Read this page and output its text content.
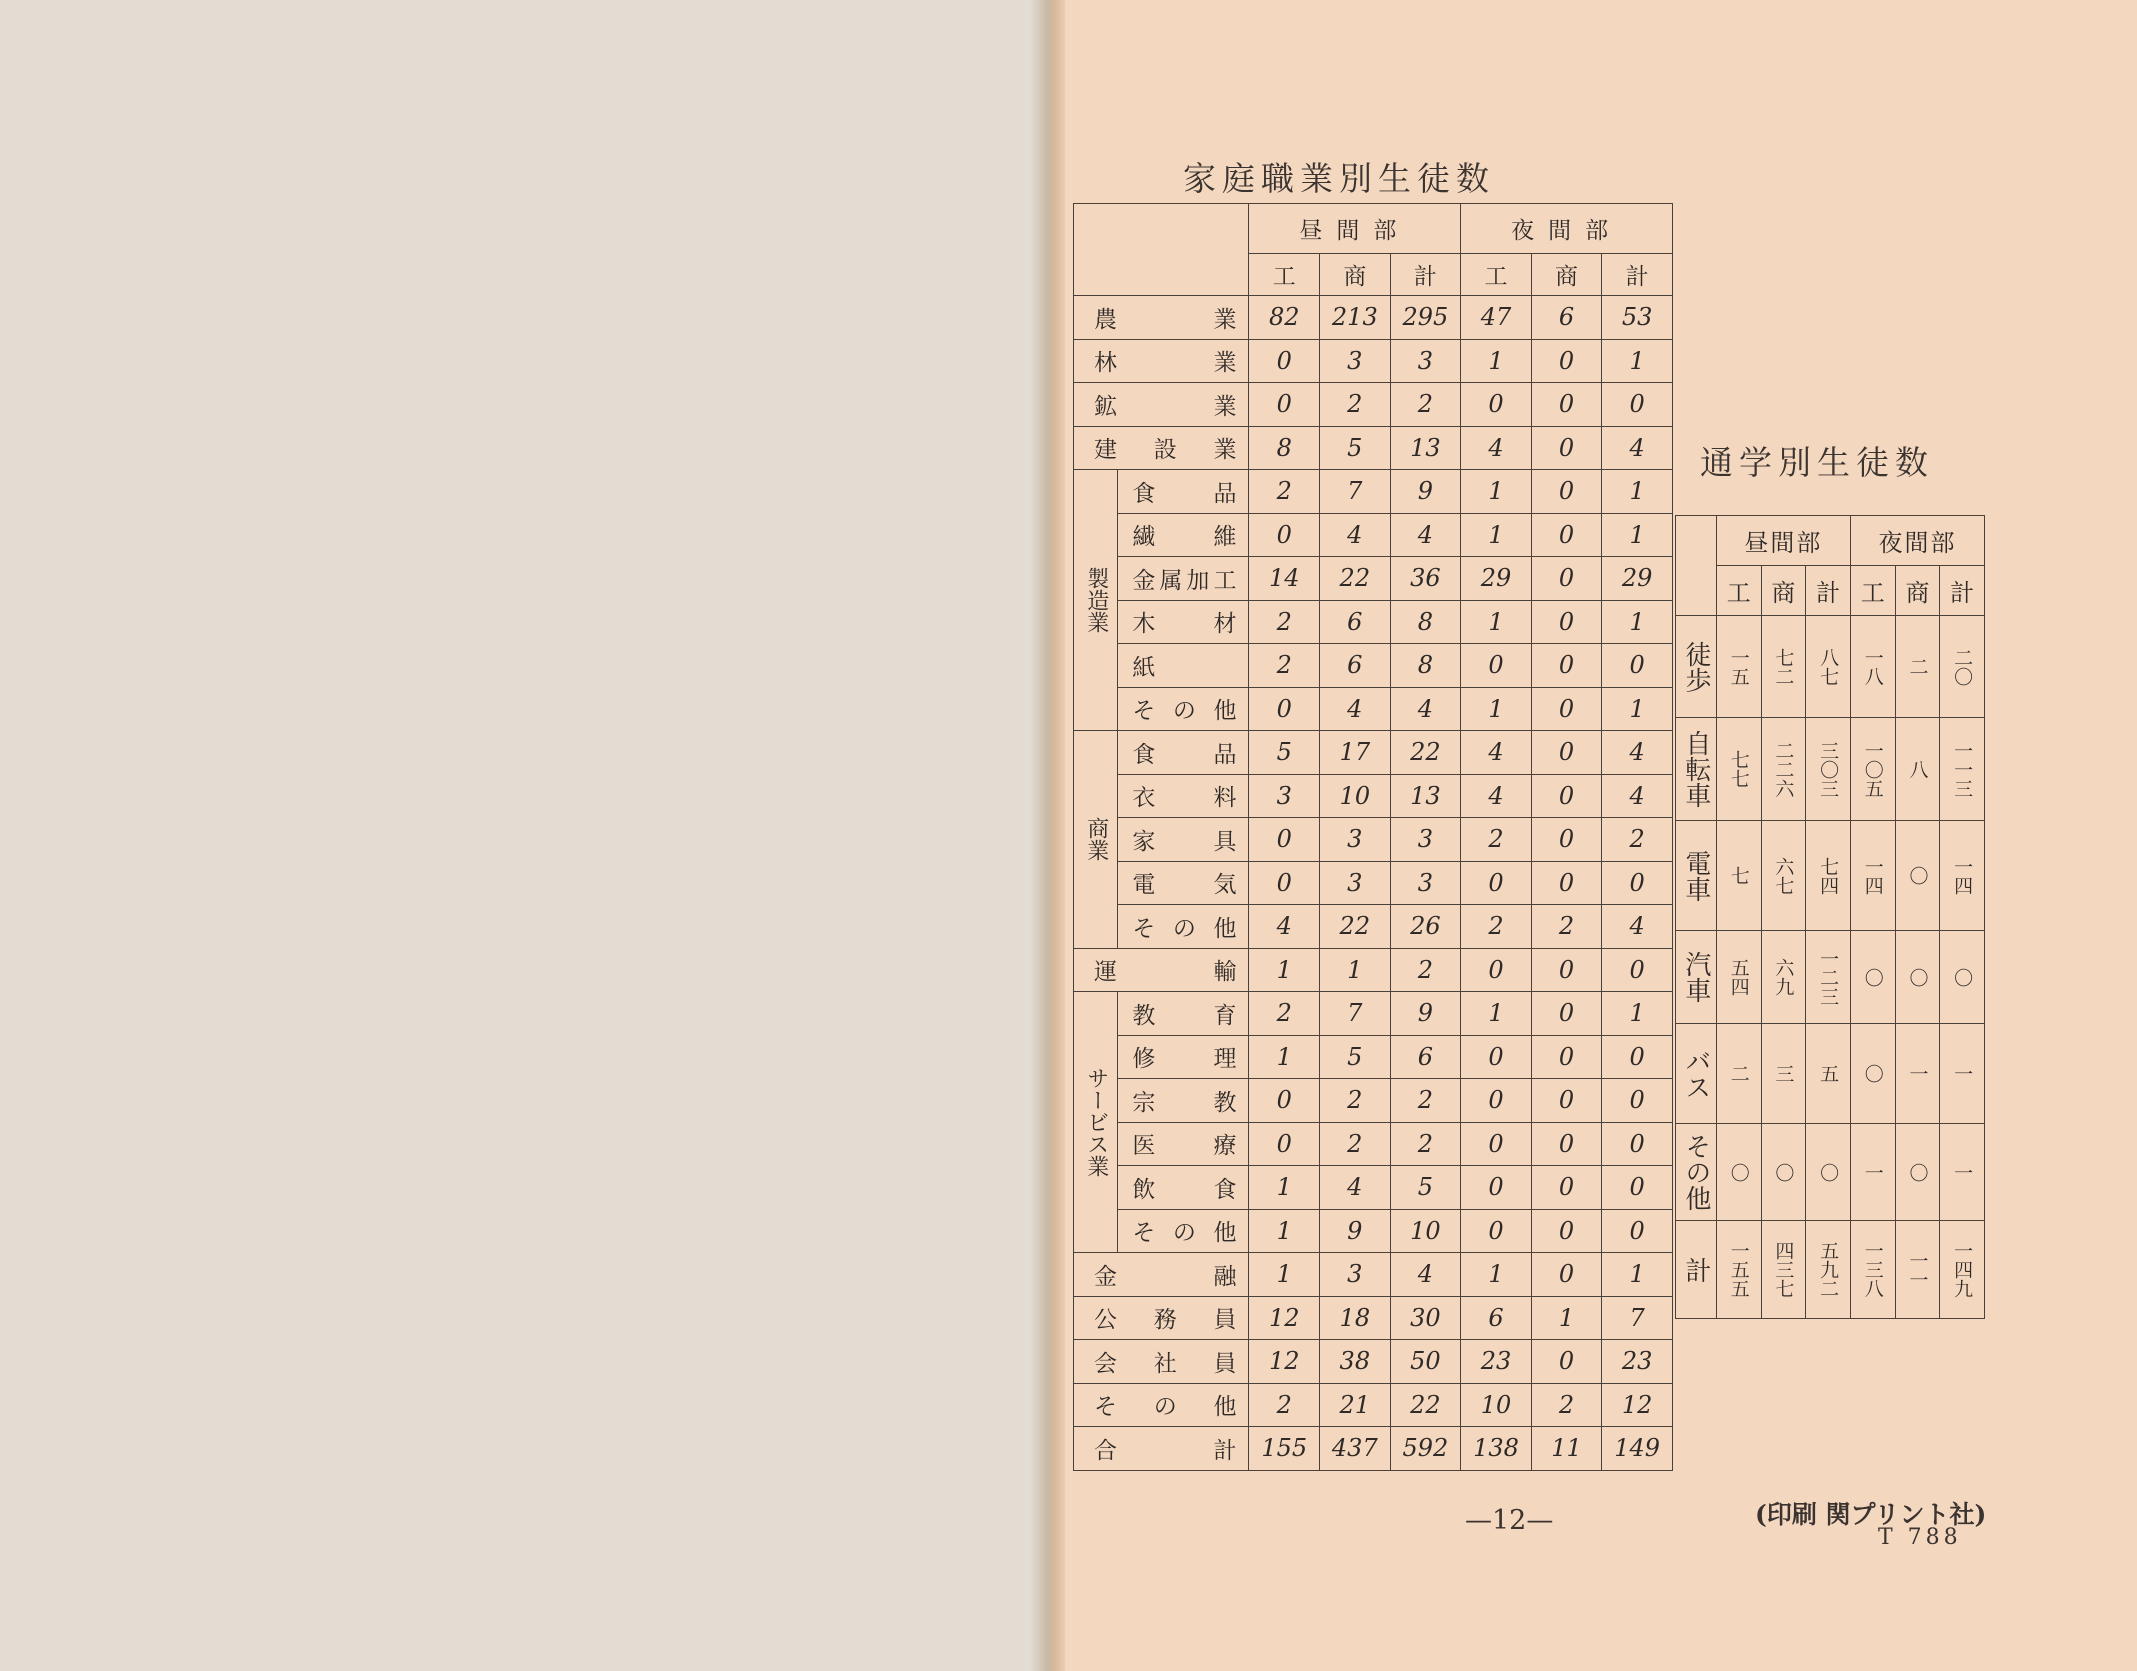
家庭職業別生徒数
		昼間部			夜間部		
		工	商	計	工	商	計
農業		82	213	295	47	6	53
林業		0	3	3	1	0	1
鉱業		0	2	2	0	0	0
建設業		8	5	13	4	0	4
製造業	食品	2	7	9	1	0	1
	繊維	0	4	4	1	0	1
	金属加工	14	22	36	29	0	29
	木材	2	6	8	1	0	1
	紙	2	6	8	0	0	0
	その他	0	4	4	1	0	1
商業	食品	5	17	22	4	0	4
	衣料	3	10	13	4	0	4
	家具	0	3	3	2	0	2
	電気	0	3	3	0	0	0
	その他	4	22	26	2	2	4
運輸		1	1	2	0	0	0
サービス業	教育	2	7	9	1	0	1
	修理	1	5	6	0	0	0
	宗教	0	2	2	0	0	0
	医療	0	2	2	0	0	0
	飲食	1	4	5	0	0	0
	その他	1	9	10	0	0	0
金融		1	3	4	1	0	1
公務員		12	18	30	6	1	7
会社員		12	38	50	23	0	23
その他		2	21	22	10	2	12
合計		155	437	592	138	11	149
通学別生徒数
	昼間部			夜間部		
	工	商	計	工	商	計
徒歩	一五	七二	八七	一八	二	二〇
自転車	七七	二二六	三〇三	一〇五	八	一一三
電車	七	六七	七四	一四	〇	一四
汽車	五四	六九	一二三	〇	〇	〇
バス	二	三	五	〇	一	一
その他	〇	〇	〇	一	〇	一
計	一五五	四三七	五九二	一三八	一一	一四九
—12—	(印刷 関プリント社)
T 788
